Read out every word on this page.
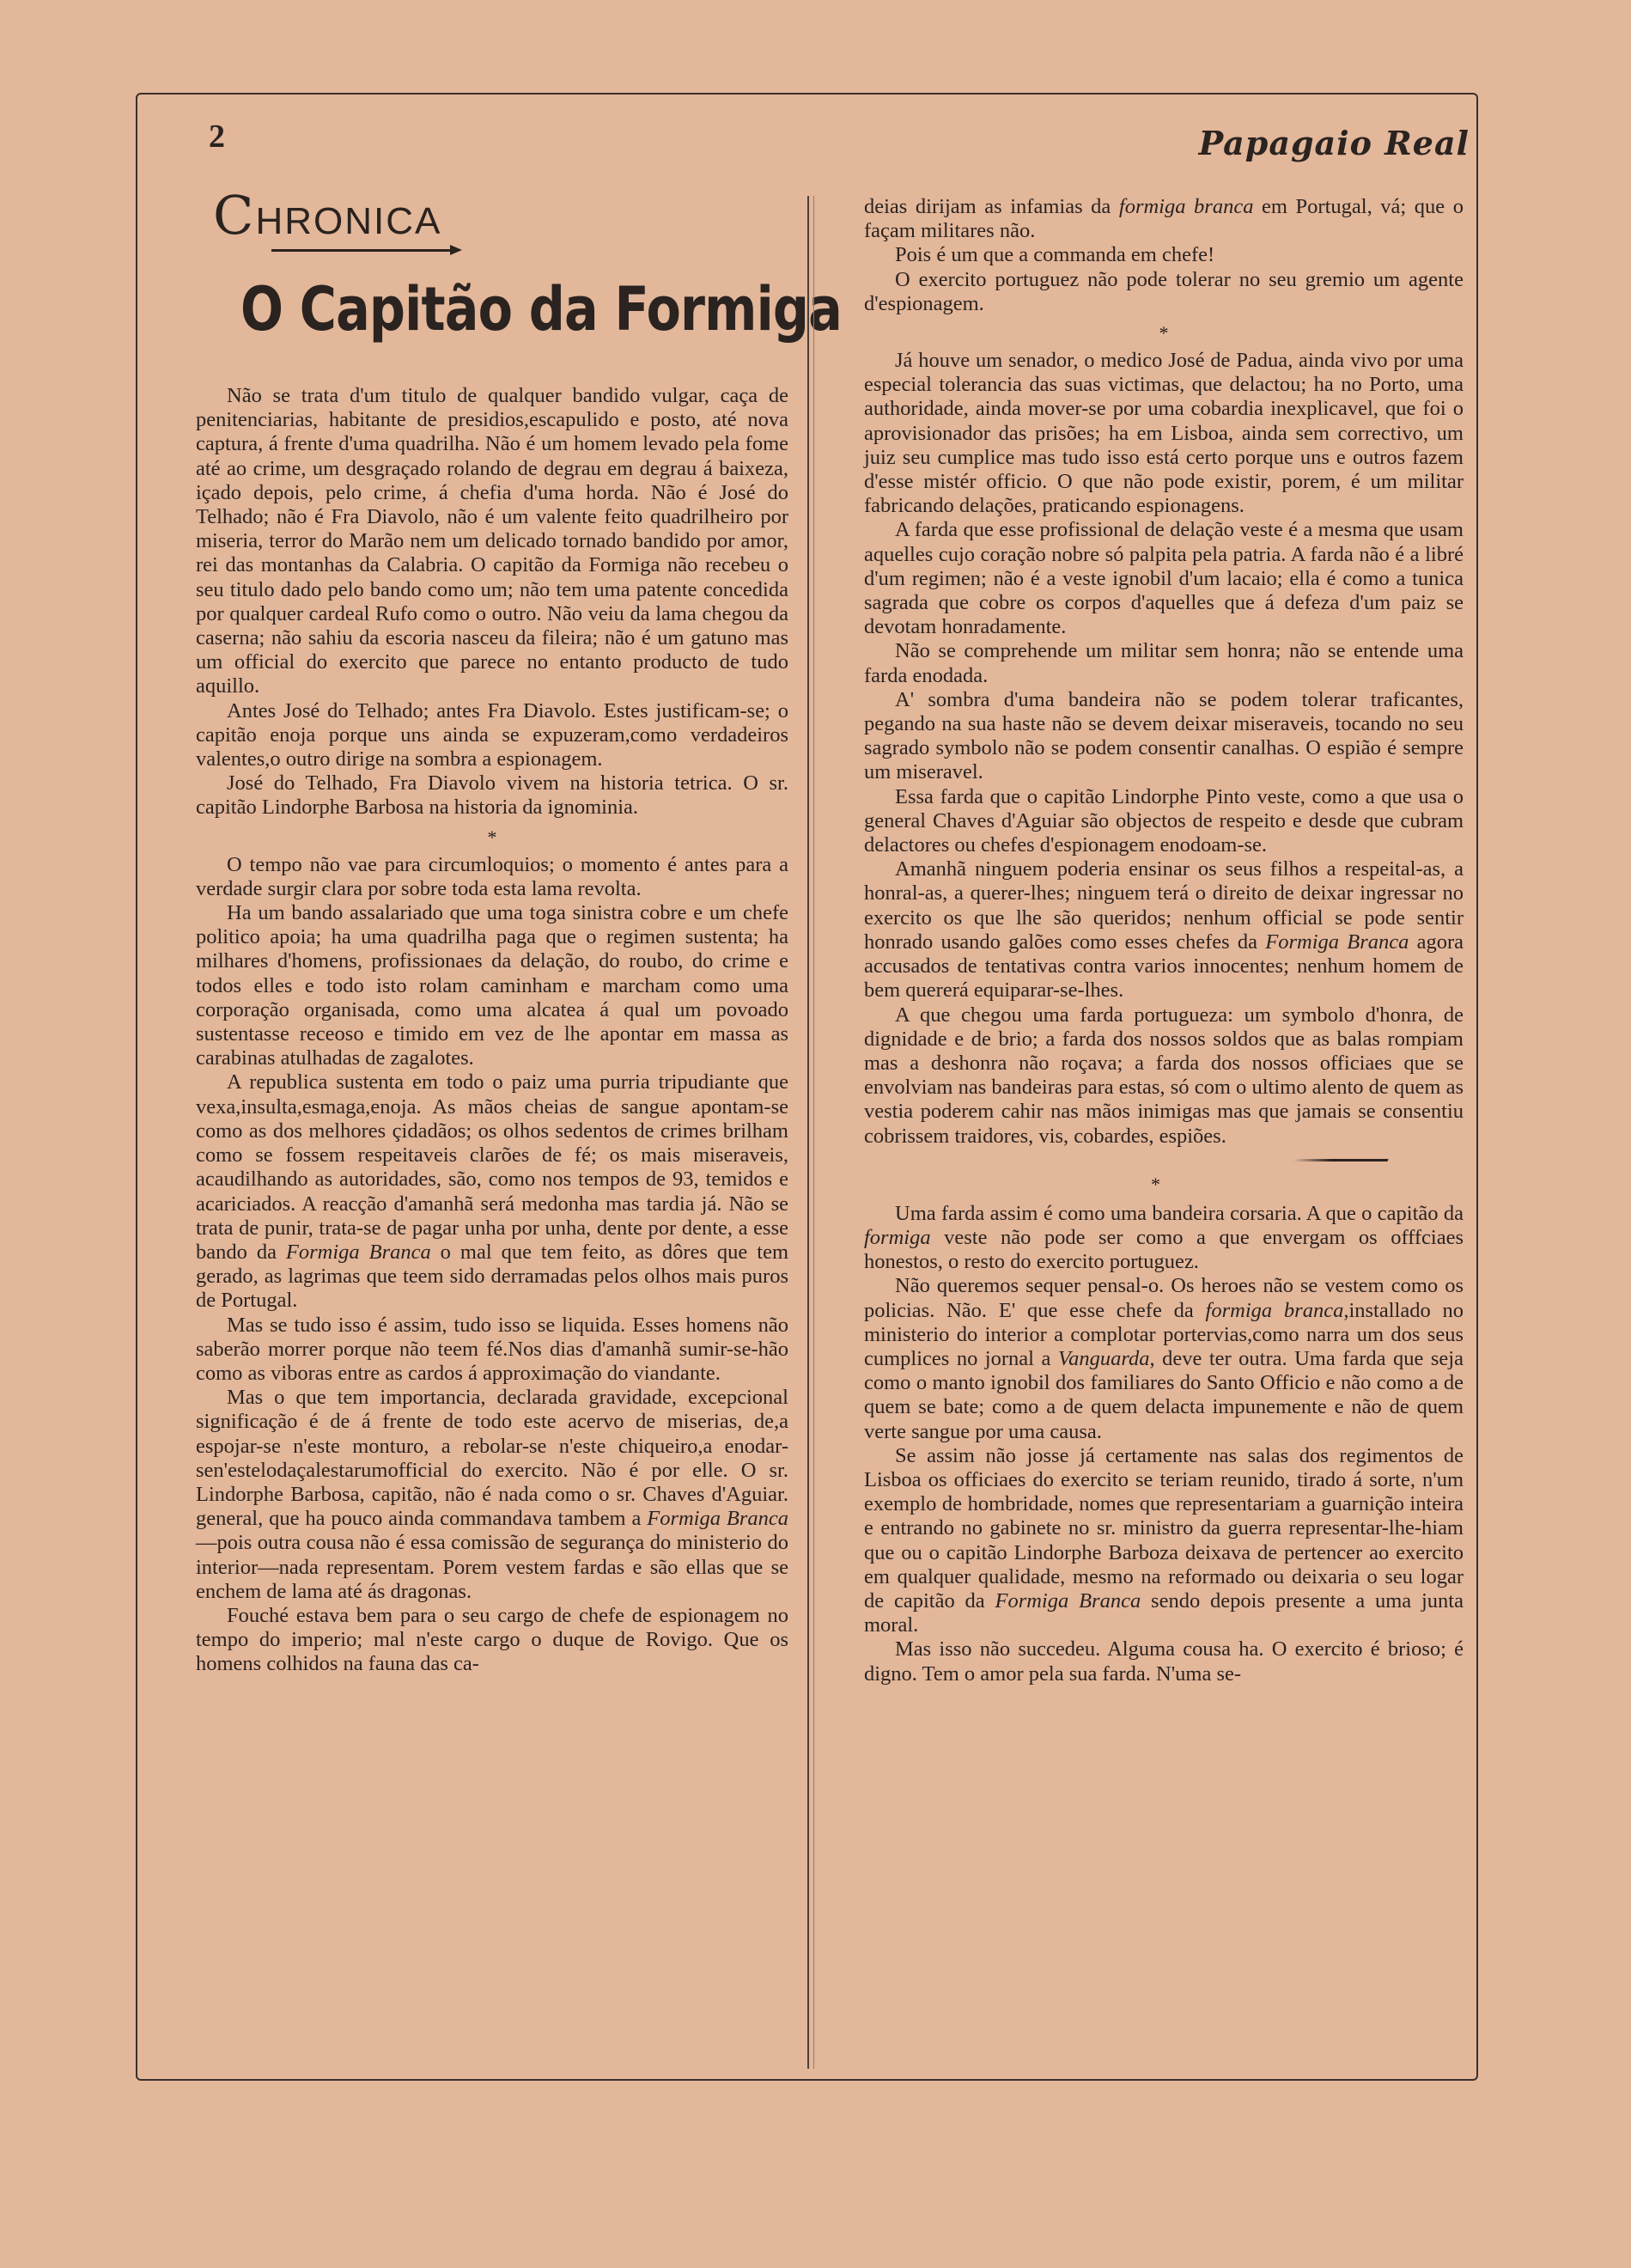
2	Papagaio Real
CHRONICA
O Capitão da Formiga

Não se trata d'um titulo de qualquer bandido vulgar, caça de penitenciarias, habitante de presidios,escapulido e posto, até nova captura, á frente d'uma quadrilha. Não é um homem levado pela fome até ao crime, um desgraçado rolando de degrau em degrau á baixeza, içado depois, pelo crime, á chefia d'uma horda. Não é José do Telhado; não é Fra Diavolo, não é um valente feito quadrilheiro por miseria, terror do Marão nem um delicado tornado bandido por amor, rei das montanhas da Calabria. O capitão da Formiga não recebeu o seu titulo dado pelo bando como um; não tem uma patente concedida por qualquer cardeal Rufo como o outro. Não veiu da lama chegou da caserna; não sahiu da escoria nasceu da fileira; não é um gatuno mas um official do exercito que parece no entanto producto de tudo aquillo.

Antes José do Telhado; antes Fra Diavolo. Estes justificam-se; o capitão enoja porque uns ainda se expuzeram,como verdadeiros valentes,o outro dirige na sombra a espionagem.

José do Telhado, Fra Diavolo vivem na historia tetrica. O sr. capitão Lindorphe Barbosa na historia da ignominia.

*

O tempo não vae para circumloquios; o momento é antes para a verdade surgir clara por sobre toda esta lama revolta.

Ha um bando assalariado que uma toga sinistra cobre e um chefe politico apoia; ha uma quadrilha paga que o regimen sustenta; ha milhares d'homens, profissionaes da delação, do roubo, do crime e todos elles e todo isto rolam caminham e marcham como uma corporação organisada, como uma alcatea á qual um povoado sustentasse receoso e timido em vez de lhe apontar em massa as carabinas atulhadas de zagalotes.

A republica sustenta em todo o paiz uma purria tripudiante que vexa,insulta,esmaga,enoja. As mãos cheias de sangue apontam-se como as dos melhores çidadãos; os olhos sedentos de crimes brilham como se fossem respeitaveis clarões de fé; os mais miseraveis, acaudilhando as autoridades, são, como nos tempos de 93, temidos e acariciados. A reacção d'amanhã será medonha mas tardia já. Não se trata de punir, trata-se de pagar unha por unha, dente por dente, a esse bando da Formiga Branca o mal que tem feito, as dôres que tem gerado, as lagrimas que teem sido derramadas pelos olhos mais puros de Portugal.

Mas se tudo isso é assim, tudo isso se liquida. Esses homens não saberão morrer porque não teem fé.Nos dias d'amanhã sumir-se-hão como as viboras entre as cardos á approximação do viandante.

Mas o que tem importancia, declarada gravidade, excepcional significação é de á frente de todo este acervo de miserias, de,a espojar-se n'este monturo, a rebolar-se n'este chiqueiro,a enodar-sen'estelodaçalestarumofficial do exercito. Não é por elle. O sr. Lindorphe Barbosa, capitão, não é nada como o sr. Chaves d'Aguiar. general, que ha pouco ainda commandava tambem a Formiga Branca—pois outra cousa não é essa comissão de segurança do ministerio do interior—nada representam. Porem vestem fardas e são ellas que se enchem de lama até ás dragonas.

Fouché estava bem para o seu cargo de chefe de espionagem no tempo do imperio; mal n'este cargo o duque de Rovigo. Que os homens colhidos na fauna das ca-

deias dirijam as infamias da formiga branca em Portugal, vá; que o façam militares não.

Pois é um que a commanda em chefe!

O exercito portuguez não pode tolerar no seu gremio um agente d'espionagem.

*

Já houve um senador, o medico José de Padua, ainda vivo por uma especial tolerancia das suas victimas, que delactou; ha no Porto, uma authoridade, ainda mover-se por uma cobardia inexplicavel, que foi o aprovisionador das prisões; ha em Lisboa, ainda sem correctivo, um juiz seu cumplice mas tudo isso está certo porque uns e outros fazem d'esse mistér officio. O que não pode existir, porem, é um militar fabricando delações, praticando espionagens.

A farda que esse profissional de delação veste é a mesma que usam aquelles cujo coração nobre só palpita pela patria. A farda não é a libré d'um regimen; não é a veste ignobil d'um lacaio; ella é como a tunica sagrada que cobre os corpos d'aquelles que á defeza d'um paiz se devotam honradamente.

Não se comprehende um militar sem honra; não se entende uma farda enodada.

A' sombra d'uma bandeira não se podem tolerar traficantes, pegando na sua haste não se devem deixar miseraveis, tocando no seu sagrado symbolo não se podem consentir canalhas. O espião é sempre um miseravel.

Essa farda que o capitão Lindorphe Pinto veste, como a que usa o general Chaves d'Aguiar são objectos de respeito e desde que cubram delactores ou chefes d'espionagem enodoam-se.

Amanhã ninguem poderia ensinar os seus filhos a respeital-as, a honral-as, a querer-lhes; ninguem terá o direito de deixar ingressar no exercito os que lhe são queridos; nenhum official se pode sentir honrado usando galões como esses chefes da Formiga Branca agora accusados de tentativas contra varios innocentes; nenhum homem de bem quererá equiparar-se-lhes.

A que chegou uma farda portugueza: um symbolo d'honra, de dignidade e de brio; a farda dos nossos soldos que as balas rompiam mas a deshonra não roçava; a farda dos nossos officiaes que se envolviam nas bandeiras para estas, só com o ultimo alento de quem as vestia poderem cahir nas mãos inimigas mas que jamais se consentiu cobrissem traidores, vis, cobardes, espiões.

*

Uma farda assim é como uma bandeira corsaria. A que o capitão da formiga veste não pode ser como a que envergam os offfciaes honestos, o resto do exercito portuguez.

Não queremos sequer pensal-o. Os heroes não se vestem como os policias. Não. E' que esse chefe da formiga branca,installado no ministerio do interior a complotar portervias,como narra um dos seus cumplices no jornal a Vanguarda, deve ter outra. Uma farda que seja como o manto ignobil dos familiares do Santo Officio e não como a de quem se bate; como a de quem delacta impunemente e não de quem verte sangue por uma causa.

Se assim não josse já certamente nas salas dos regimentos de Lisboa os officiaes do exercito se teriam reunido, tirado á sorte, n'um exemplo de hombridade, nomes que representariam a guarnição inteira e entrando no gabinete no sr. ministro da guerra representar-lhe-hiam que ou o capitão Lindorphe Barboza deixava de pertencer ao exercito em qualquer qualidade, mesmo na reformado ou deixaria o seu logar de capitão da Formiga Branca sendo depois presente a uma junta moral.

Mas isso não succedeu. Alguma cousa ha. O exercito é brioso; é digno. Tem o amor pela sua farda. N'uma se-
